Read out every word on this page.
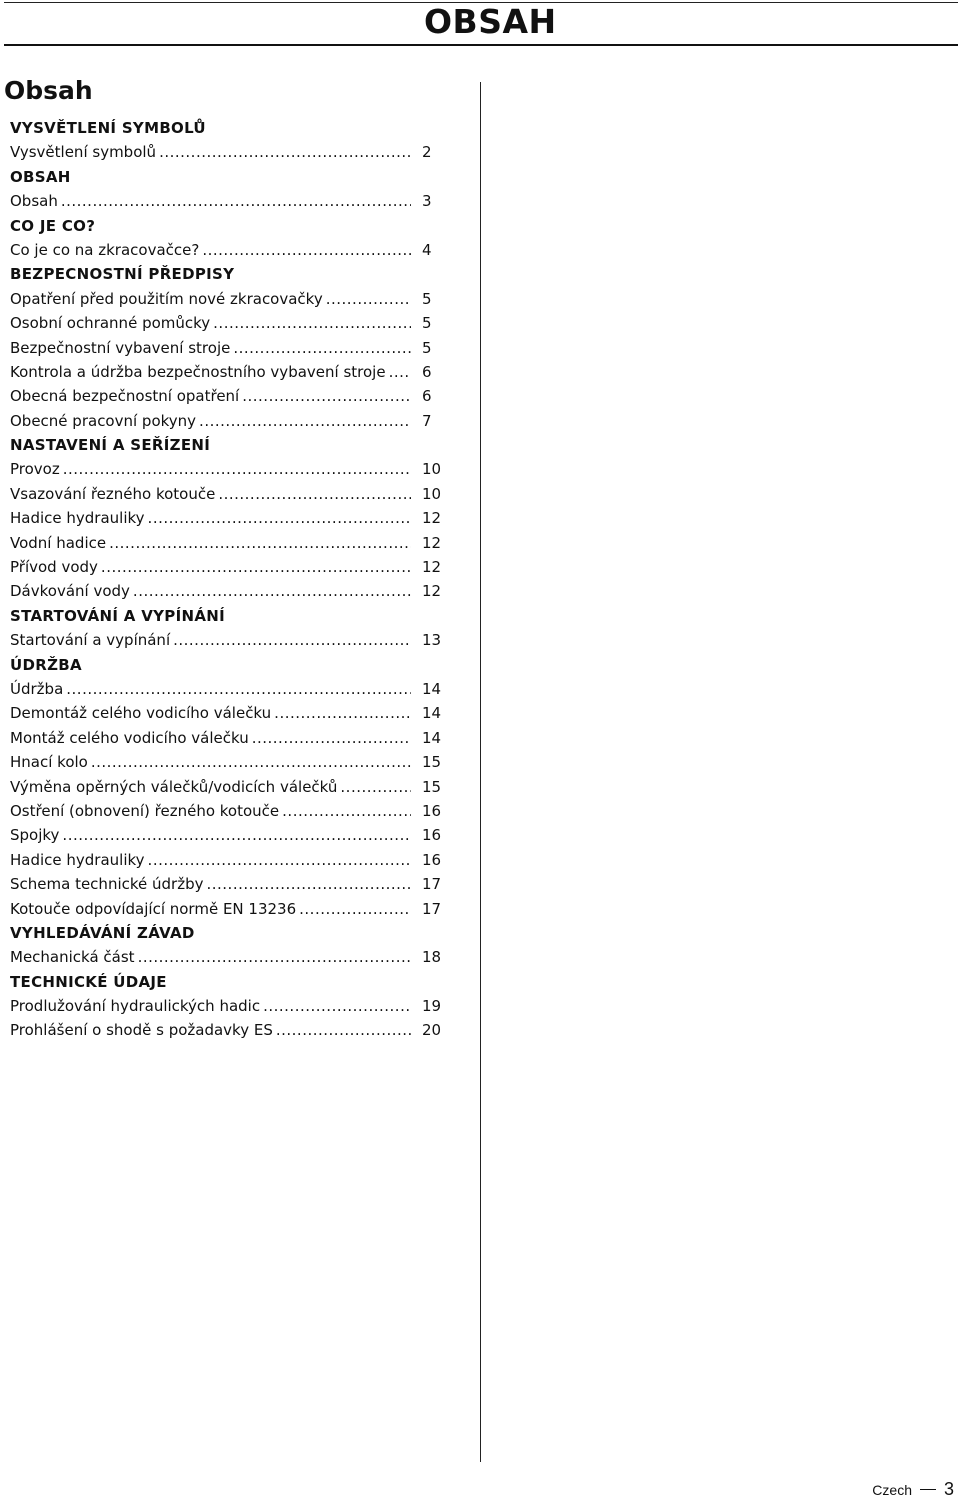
OBSAH
Obsah
VYSVĚTLENÍ SYMBOLŮ
Vysvětlení symbolů .....	2
OBSAH
Obsah .....	3
CO JE CO?
Co je co na zkracovačce? .....	4
BEZPECNOSTNÍ PŘEDPISY
Opatření před použitím nové zkracovačky .....	5
Osobní ochranné pomůcky .....	5
Bezpečnostní vybavení stroje .....	5
Kontrola a údržba bezpečnostního vybavení stroje .....	6
Obecná bezpečnostní opatření .....	6
Obecné pracovní pokyny .....	7
NASTAVENÍ A SEŘÍZENÍ
Provoz .....	10
Vsazování řezného kotouče .....	10
Hadice hydrauliky .....	12
Vodní hadice .....	12
Přívod vody .....	12
Dávkování vody .....	12
STARTOVÁNÍ A VYPÍNÁNÍ
Startování a vypínání .....	13
ÚDRŽBA
Údržba .....	14
Demontáž celého vodicího válečku .....	14
Montáž celého vodicího válečku .....	14
Hnací kolo .....	15
Výměna opěrných válečků/vodicích válečků .....	15
Ostření (obnovení) řezného kotouče .....	16
Spojky .....	16
Hadice hydrauliky .....	16
Schema technické údržby .....	17
Kotouče odpovídající normě EN 13236 .....	17
VYHLEDÁVÁNÍ ZÁVAD
Mechanická část .....	18
TECHNICKÉ ÚDAJE
Prodlužování hydraulických hadic .....	19
Prohlášení o shodě s požadavky ES .....	20
Czech 3
